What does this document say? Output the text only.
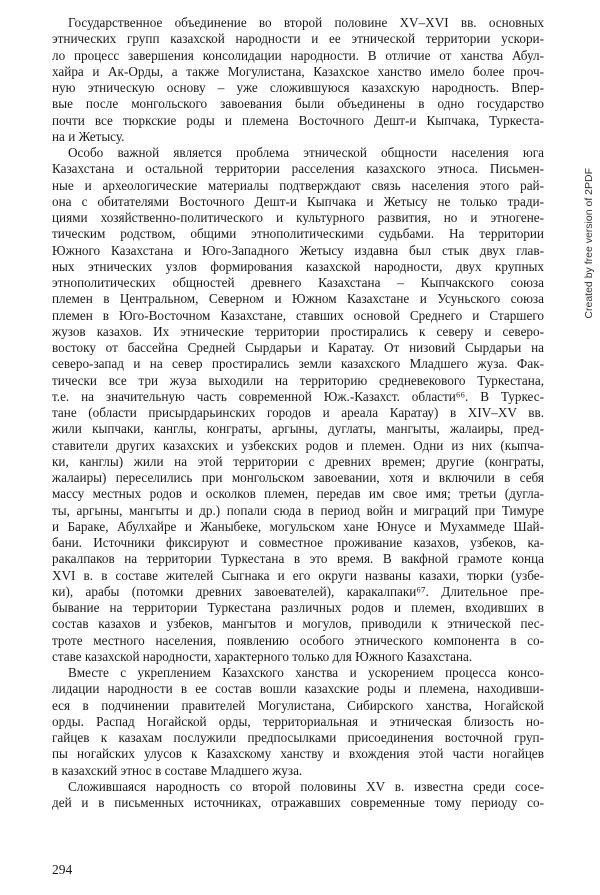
Государственное объединение во второй половине XV–XVI вв. основных
этнических групп казахской народности и ее этнической территории ускори-
ло процесс завершения консолидации народности. В отличие от ханства Абул-
хайра и Ак-Орды, а также Могулистана, Казахское ханство имело более проч-
ную этническую основу – уже сложившуюся казахскую народность. Впер-
вые после монгольского завоевания были объединены в одно государство
почти все тюркские роды и племена Восточного Дешт-и Кыпчака, Туркеста-
на и Жетысу.
Особо важной является проблема этнической общности населения юга
Казахстана и остальной территории расселения казахского этноса. Письмен-
ные и археологические материалы подтверждают связь населения этого рай-
она с обитателями Восточного Дешт-и Кыпчака и Жетысу не только тради-
циями хозяйственно-политического и культурного развития, но и этногене-
тическим родством, общими этнополитическими судьбами. На территории
Южного Казахстана и Юго-Западного Жетысу издавна был стык двух глав-
ных этнических узлов формирования казахской народности, двух крупных
этнополитических общностей древнего Казахстана – Кыпчакского союза
племен в Центральном, Северном и Южном Казахстане и Усуньского союза
племен в Юго-Восточном Казахстане, ставших основой Среднего и Старшего
жузов казахов. Их этнические территории простирались к северу и северо-
востоку от бассейна Средней Сырдарьи и Каратау. От низовий Сырдарьи на
северо-запад и на север простирались земли казахского Младшего жуза. Фак-
тически все три жуза выходили на территорию средневекового Туркестана,
т.е. на значительную часть современной Юж.-Казахст. области⁶⁶. В Туркес-
тане (области присырдарьинских городов и ареала Каратау) в XIV–XV вв.
жили кыпчаки, канглы, конграты, аргыны, дуглаты, мангыты, жалаиры, пред-
ставители других казахских и узбекских родов и племен. Одни из них (кыпча-
ки, канглы) жили на этой территории с древних времен; другие (конграты,
жалаиры) переселились при монгольском завоевании, хотя и включили в себя
массу местных родов и осколков племен, передав им свое имя; третьи (дугла-
ты, аргыны, мангыты и др.) попали сюда в период войн и миграций при Тимуре
и Бараке, Абулхайре и Жаныбеке, могульском хане Юнусе и Мухаммеде Шай-
бани. Источники фиксируют и совместное проживание казахов, узбеков, ка-
ракалпаков на территории Туркестана в это время. В вакфной грамоте конца
XVI в. в составе жителей Сыгнака и его округи названы казахи, тюрки (узбе-
ки), арабы (потомки древних завоевателей), каракалпаки⁶⁷. Длительное пре-
бывание на территории Туркестана различных родов и племен, входивших в
состав казахов и узбеков, мангытов и могулов, приводили к этнической пес-
троте местного населения, появлению особого этнического компонента в со-
ставе казахской народности, характерного только для Южного Казахстана.
Вместе с укреплением Казахского ханства и ускорением процесса консо-
лидации народности в ее состав вошли казахские роды и племена, находивши-
еся в подчинении правителей Могулистана, Сибирского ханства, Ногайской
орды. Распад Ногайской орды, территориальная и этническая близость но-
гайцев к казахам послужили предпосылками присоединения восточной груп-
пы ногайских улусов к Казахскому ханству и вхождения этой части ногайцев
в казахский этнос в составе Младшего жуза.
Сложившаяся народность со второй половины XV в. известна среди сосе-
дей и в письменных источниках, отражавших современные тому периоду со-
Created by free version of 2PDF
294
